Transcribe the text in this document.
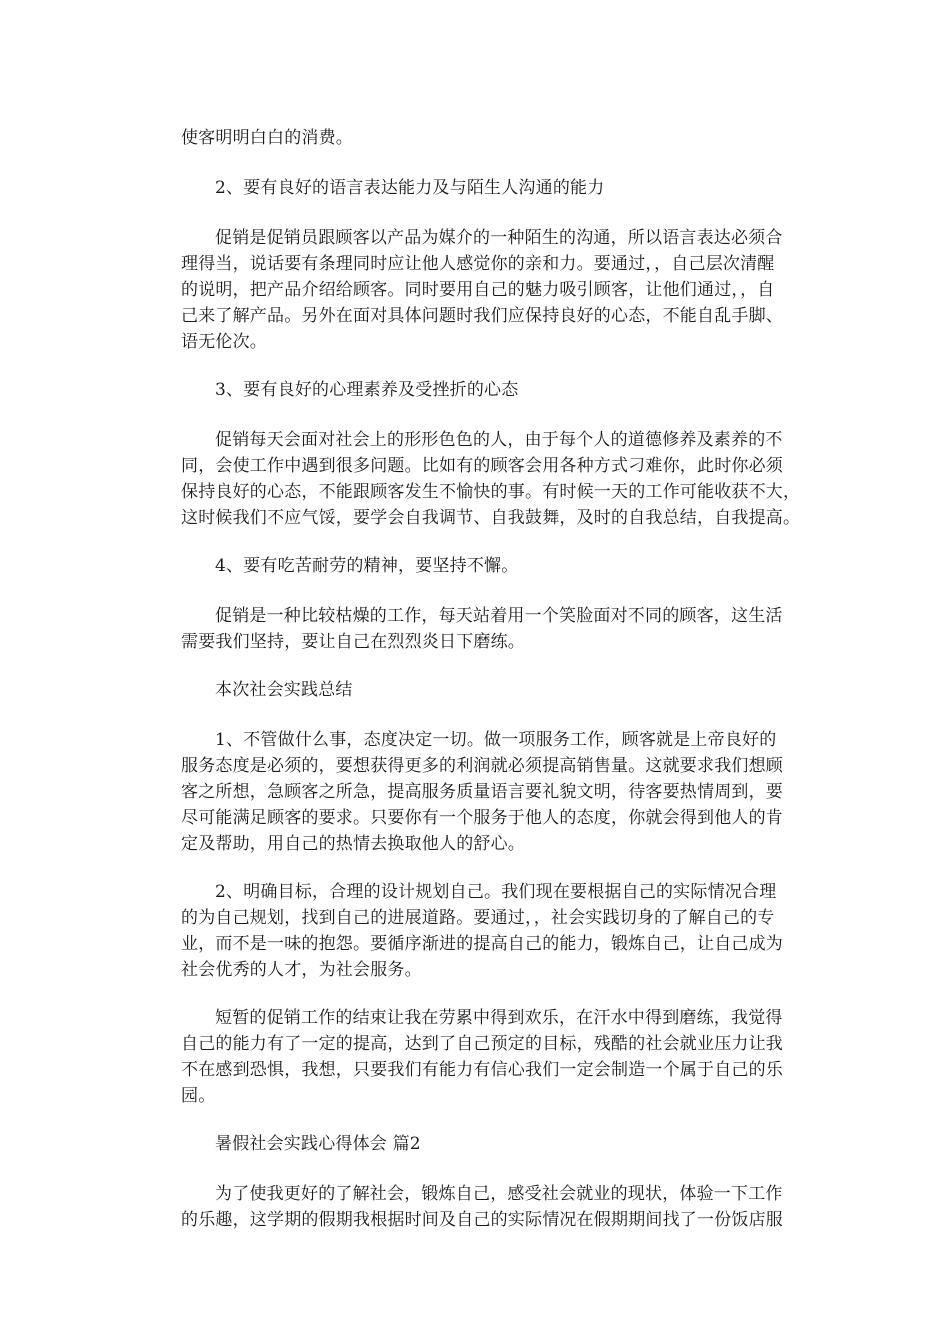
使客明明白白的消费。
2、要有良好的语言表达能力及与陌生人沟通的能力
促销是促销员跟顾客以产品为媒介的一种陌生的沟通，所以语言表达必须合
理得当，说话要有条理同时应让他人感觉你的亲和力。要通过，，自己层次清醒
的说明，把产品介绍给顾客。同时要用自己的魅力吸引顾客，让他们通过，，自
己来了解产品。另外在面对具体问题时我们应保持良好的心态，不能自乱手脚、
语无伦次。
3、要有良好的心理素养及受挫折的心态
促销每天会面对社会上的形形色色的人，由于每个人的道德修养及素养的不
同，会使工作中遇到很多问题。比如有的顾客会用各种方式刁难你，此时你必须
保持良好的心态，不能跟顾客发生不愉快的事。有时候一天的工作可能收获不大，
这时候我们不应气馁，要学会自我调节、自我鼓舞，及时的自我总结，自我提高。
4、要有吃苦耐劳的精神，要坚持不懈。
促销是一种比较枯燥的工作，每天站着用一个笑脸面对不同的顾客，这生活
需要我们坚持，要让自己在烈烈炎日下磨练。
本次社会实践总结
1、不管做什么事，态度决定一切。做一项服务工作，顾客就是上帝良好的
服务态度是必须的，要想获得更多的利润就必须提高销售量。这就要求我们想顾
客之所想，急顾客之所急，提高服务质量语言要礼貌文明，待客要热情周到，要
尽可能满足顾客的要求。只要你有一个服务于他人的态度，你就会得到他人的肯
定及帮助，用自己的热情去换取他人的舒心。
2、明确目标，合理的设计规划自己。我们现在要根据自己的实际情况合理
的为自己规划，找到自己的进展道路。要通过，，社会实践切身的了解自己的专
业，而不是一味的抱怨。要循序渐进的提高自己的能力，锻炼自己，让自己成为
社会优秀的人才，为社会服务。
短暂的促销工作的结束让我在劳累中得到欢乐，在汗水中得到磨练，我觉得
自己的能力有了一定的提高，达到了自己预定的目标，残酷的社会就业压力让我
不在感到恐惧，我想，只要我们有能力有信心我们一定会制造一个属于自己的乐
园。
暑假社会实践心得体会 篇2
为了使我更好的了解社会，锻炼自己，感受社会就业的现状，体验一下工作
的乐趣，这学期的假期我根据时间及自己的实际情况在假期期间找了一份饭店服
